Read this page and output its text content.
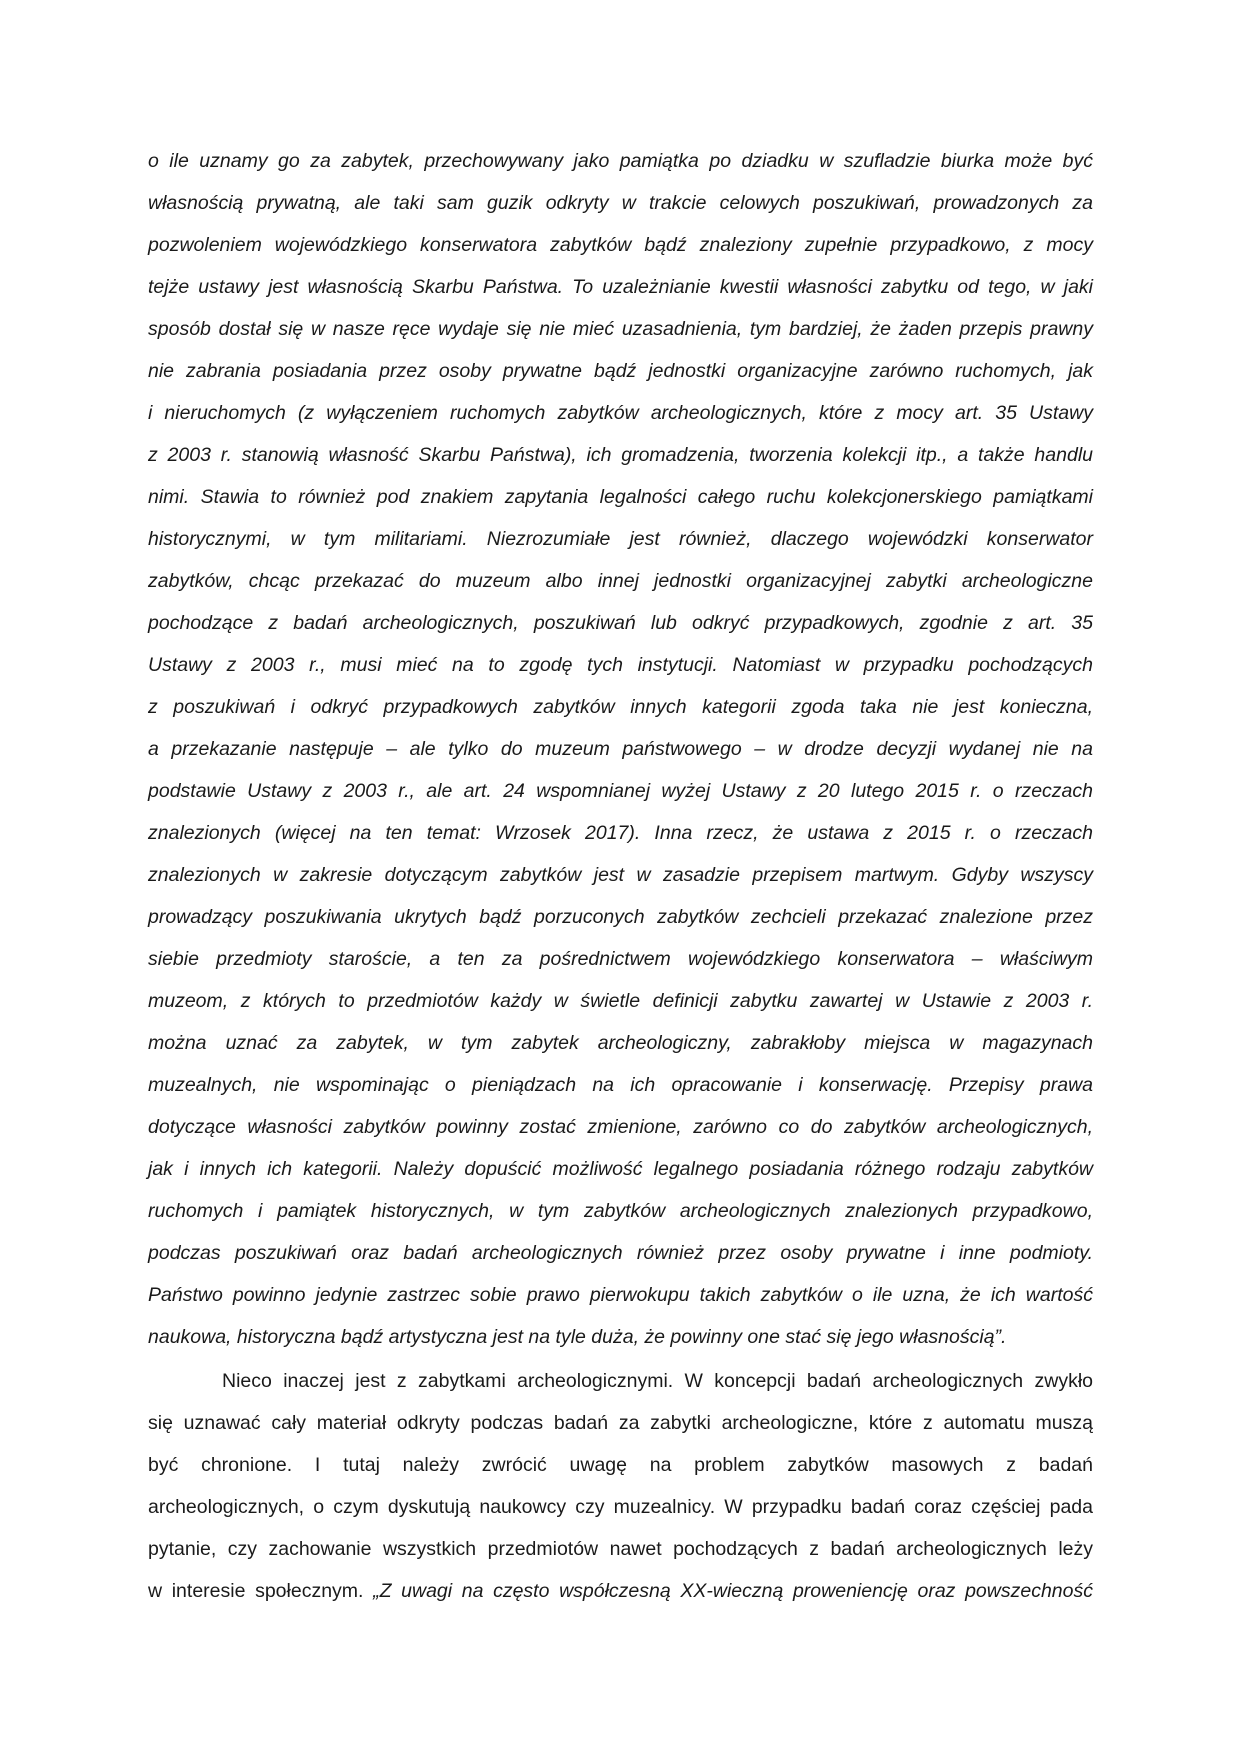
o ile uznamy go za zabytek, przechowywany jako pamiątka po dziadku w szufladzie biurka może być
własnością prywatną, ale taki sam guzik odkryty w trakcie celowych poszukiwań, prowadzonych za
pozwoleniem wojewódzkiego konserwatora zabytków bądź znaleziony zupełnie przypadkowo, z mocy
tejże ustawy jest własnością Skarbu Państwa. To uzależnianie kwestii własności zabytku od tego, w jaki
sposób dostał się w nasze ręce wydaje się nie mieć uzasadnienia, tym bardziej, że żaden przepis prawny
nie zabrania posiadania przez osoby prywatne bądź jednostki organizacyjne zarówno ruchomych, jak
i nieruchomych (z wyłączeniem ruchomych zabytków archeologicznych, które z mocy art. 35 Ustawy
z 2003 r. stanowią własność Skarbu Państwa), ich gromadzenia, tworzenia kolekcji itp., a także handlu
nimi. Stawia to również pod znakiem zapytania legalności całego ruchu kolekcjonerskiego pamiątkami
historycznymi, w tym militariami. Niezrozumiałe jest również, dlaczego wojewódzki konserwator
zabytków, chcąc przekazać do muzeum albo innej jednostki organizacyjnej zabytki archeologiczne
pochodzące z badań archeologicznych, poszukiwań lub odkryć przypadkowych, zgodnie z art. 35
Ustawy z 2003 r., musi mieć na to zgodę tych instytucji. Natomiast w przypadku pochodzących
z poszukiwań i odkryć przypadkowych zabytków innych kategorii zgoda taka nie jest konieczna,
a przekazanie następuje – ale tylko do muzeum państwowego – w drodze decyzji wydanej nie na
podstawie Ustawy z 2003 r., ale art. 24 wspomnianej wyżej Ustawy z 20 lutego 2015 r. o rzeczach
znalezionych (więcej na ten temat: Wrzosek 2017). Inna rzecz, że ustawa z 2015 r. o rzeczach
znalezionych w zakresie dotyczącym zabytków jest w zasadzie przepisem martwym. Gdyby wszyscy
prowadzący poszukiwania ukrytych bądź porzuconych zabytków zechcieli przekazać znalezione przez
siebie przedmioty staroście, a ten za pośrednictwem wojewódzkiego konserwatora – właściwym
muzeom, z których to przedmiotów każdy w świetle definicji zabytku zawartej w Ustawie z 2003 r.
można uznać za zabytek, w tym zabytek archeologiczny, zabrakłoby miejsca w magazynach
muzealnych, nie wspominając o pieniądzach na ich opracowanie i konserwację. Przepisy prawa
dotyczące własności zabytków powinny zostać zmienione, zarówno co do zabytków archeologicznych,
jak i innych ich kategorii. Należy dopuścić możliwość legalnego posiadania różnego rodzaju zabytków
ruchomych i pamiątek historycznych, w tym zabytków archeologicznych znalezionych przypadkowo,
podczas poszukiwań oraz badań archeologicznych również przez osoby prywatne i inne podmioty.
Państwo powinno jedynie zastrzec sobie prawo pierwokupu takich zabytków o ile uzna, że ich wartość
naukowa, historyczna bądź artystyczna jest na tyle duża, że powinny one stać się jego własnością”.
Nieco inaczej jest z zabytkami archeologicznymi. W koncepcji badań archeologicznych zwykło
się uznawać cały materiał odkryty podczas badań za zabytki archeologiczne, które z automatu muszą
być chronione. I tutaj należy zwrócić uwagę na problem zabytków masowych z badań
archeologicznych, o czym dyskutują naukowcy czy muzealnicy. W przypadku badań coraz częściej pada
pytanie, czy zachowanie wszystkich przedmiotów nawet pochodzących z badań archeologicznych leży
w interesie społecznym. „Z uwagi na często współczesną XX-wieczną proweniencję oraz powszechność
